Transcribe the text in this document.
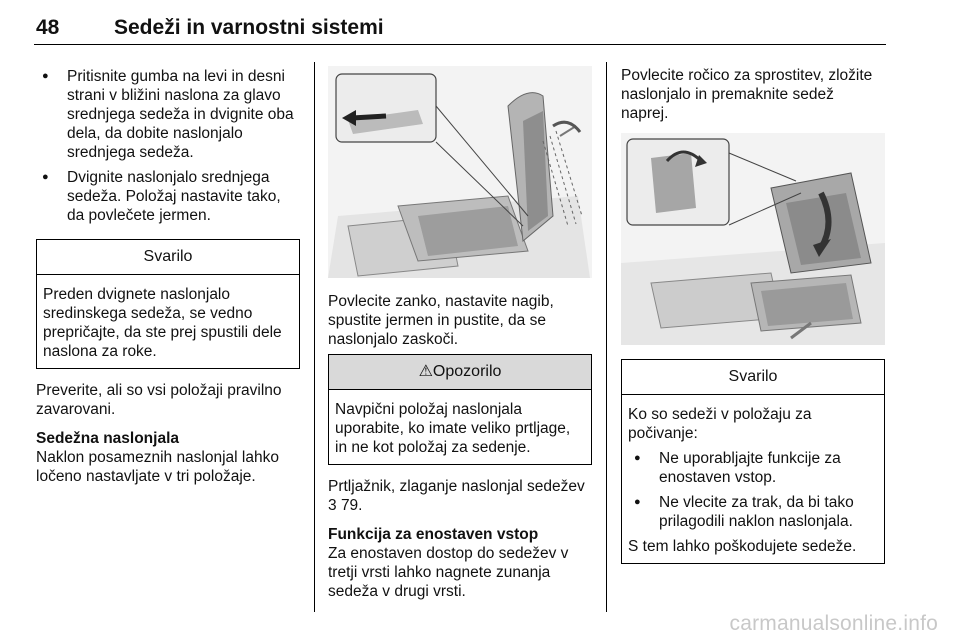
48	Sedeži in varnostni sistemi
● Pritisnite gumba na levi in desni strani v bližini naslona za glavo srednjega sedeža in dvignite oba dela, da dobite naslonjalo srednjega sedeža.
● Dvignite naslonjalo srednjega sedeža. Položaj nastavite tako, da povlečete jermen.
Svarilo
Preden dvignete naslonjalo sredinskega sedeža, se vedno prepričajte, da ste prej spustili dele naslona za roke.

Preverite, ali so vsi položaji pravilno zavarovani.

Sedežna naslonjala

Naklon posameznih naslonjal lahko ločeno nastavljate v tri položaje.

Povlecite zanko, nastavite nagib, spustite jermen in pustite, da se naslonjalo zaskoči.

⚠Opozorilo
Navpični položaj naslonjala uporabite, ko imate veliko prtljage, in ne kot položaj za sedenje.

Prtljažnik, zlaganje naslonjal sedežev
3 79.

Funkcija za enostaven vstop

Za enostaven dostop do sedežev v tretji vrsti lahko nagnete zunanja sedeža v drugi vrsti.

Povlecite ročico za sprostitev, zložite naslonjalo in premaknite sedež naprej.

Svarilo

Ko so sedeži v položaju za počivanje:

● Ne uporabljajte funkcije za enostaven vstop.
● Ne vlecite za trak, da bi tako prilagodili naklon naslonjala.

S tem lahko poškodujete sedeže.

carmanualsonline.info
